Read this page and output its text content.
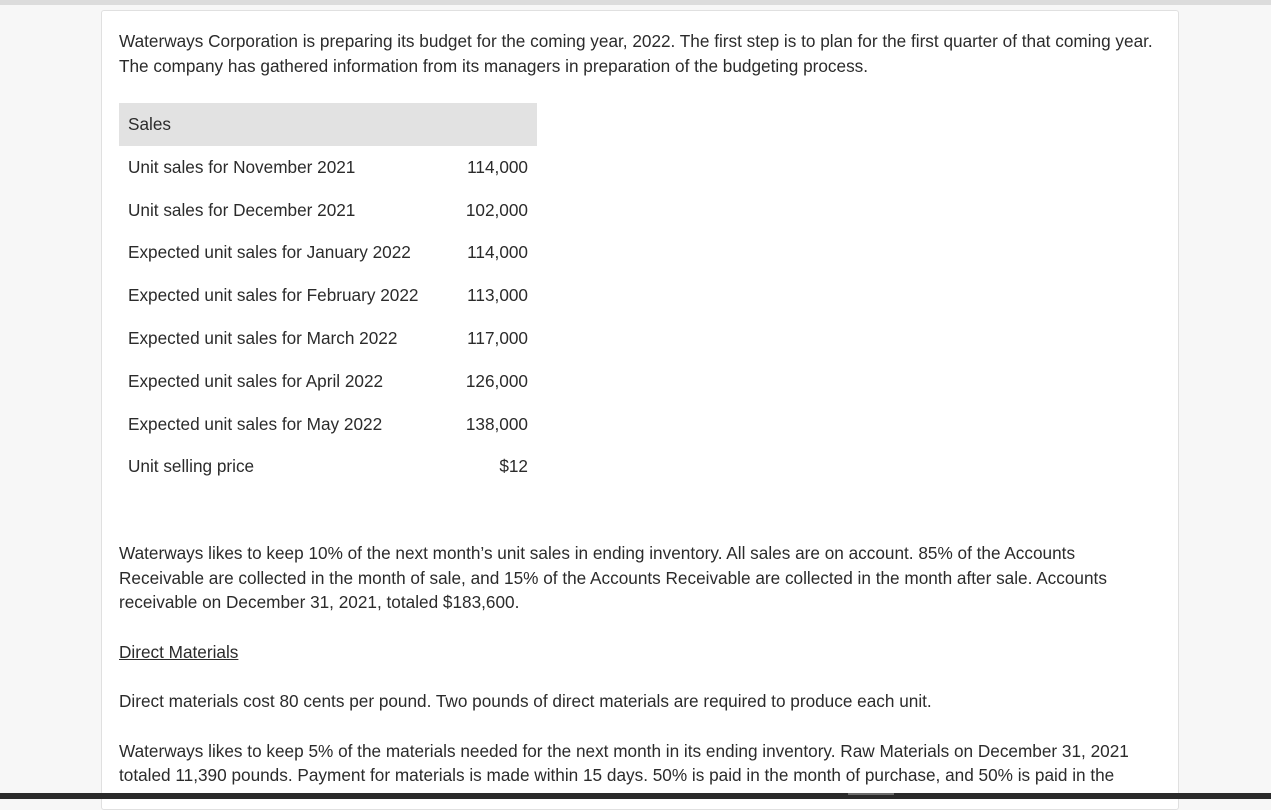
Waterways Corporation is preparing its budget for the coming year, 2022. The first step is to plan for the first quarter of that coming year. The company has gathered information from its managers in preparation of the budgeting process.

Sales	
Unit sales for November 2021	114,000
Unit sales for December 2021	102,000
Expected unit sales for January 2022	114,000
Expected unit sales for February 2022	113,000
Expected unit sales for March 2022	117,000
Expected unit sales for April 2022	126,000
Expected unit sales for May 2022	138,000
Unit selling price	$12

Waterways likes to keep 10% of the next month’s unit sales in ending inventory. All sales are on account. 85% of the Accounts Receivable are collected in the month of sale, and 15% of the Accounts Receivable are collected in the month after sale. Accounts receivable on December 31, 2021, totaled $183,600.

Direct Materials

Direct materials cost 80 cents per pound. Two pounds of direct materials are required to produce each unit.

Waterways likes to keep 5% of the materials needed for the next month in its ending inventory. Raw Materials on December 31, 2021 totaled 11,390 pounds. Payment for materials is made within 15 days. 50% is paid in the month of purchase, and 50% is paid in the
